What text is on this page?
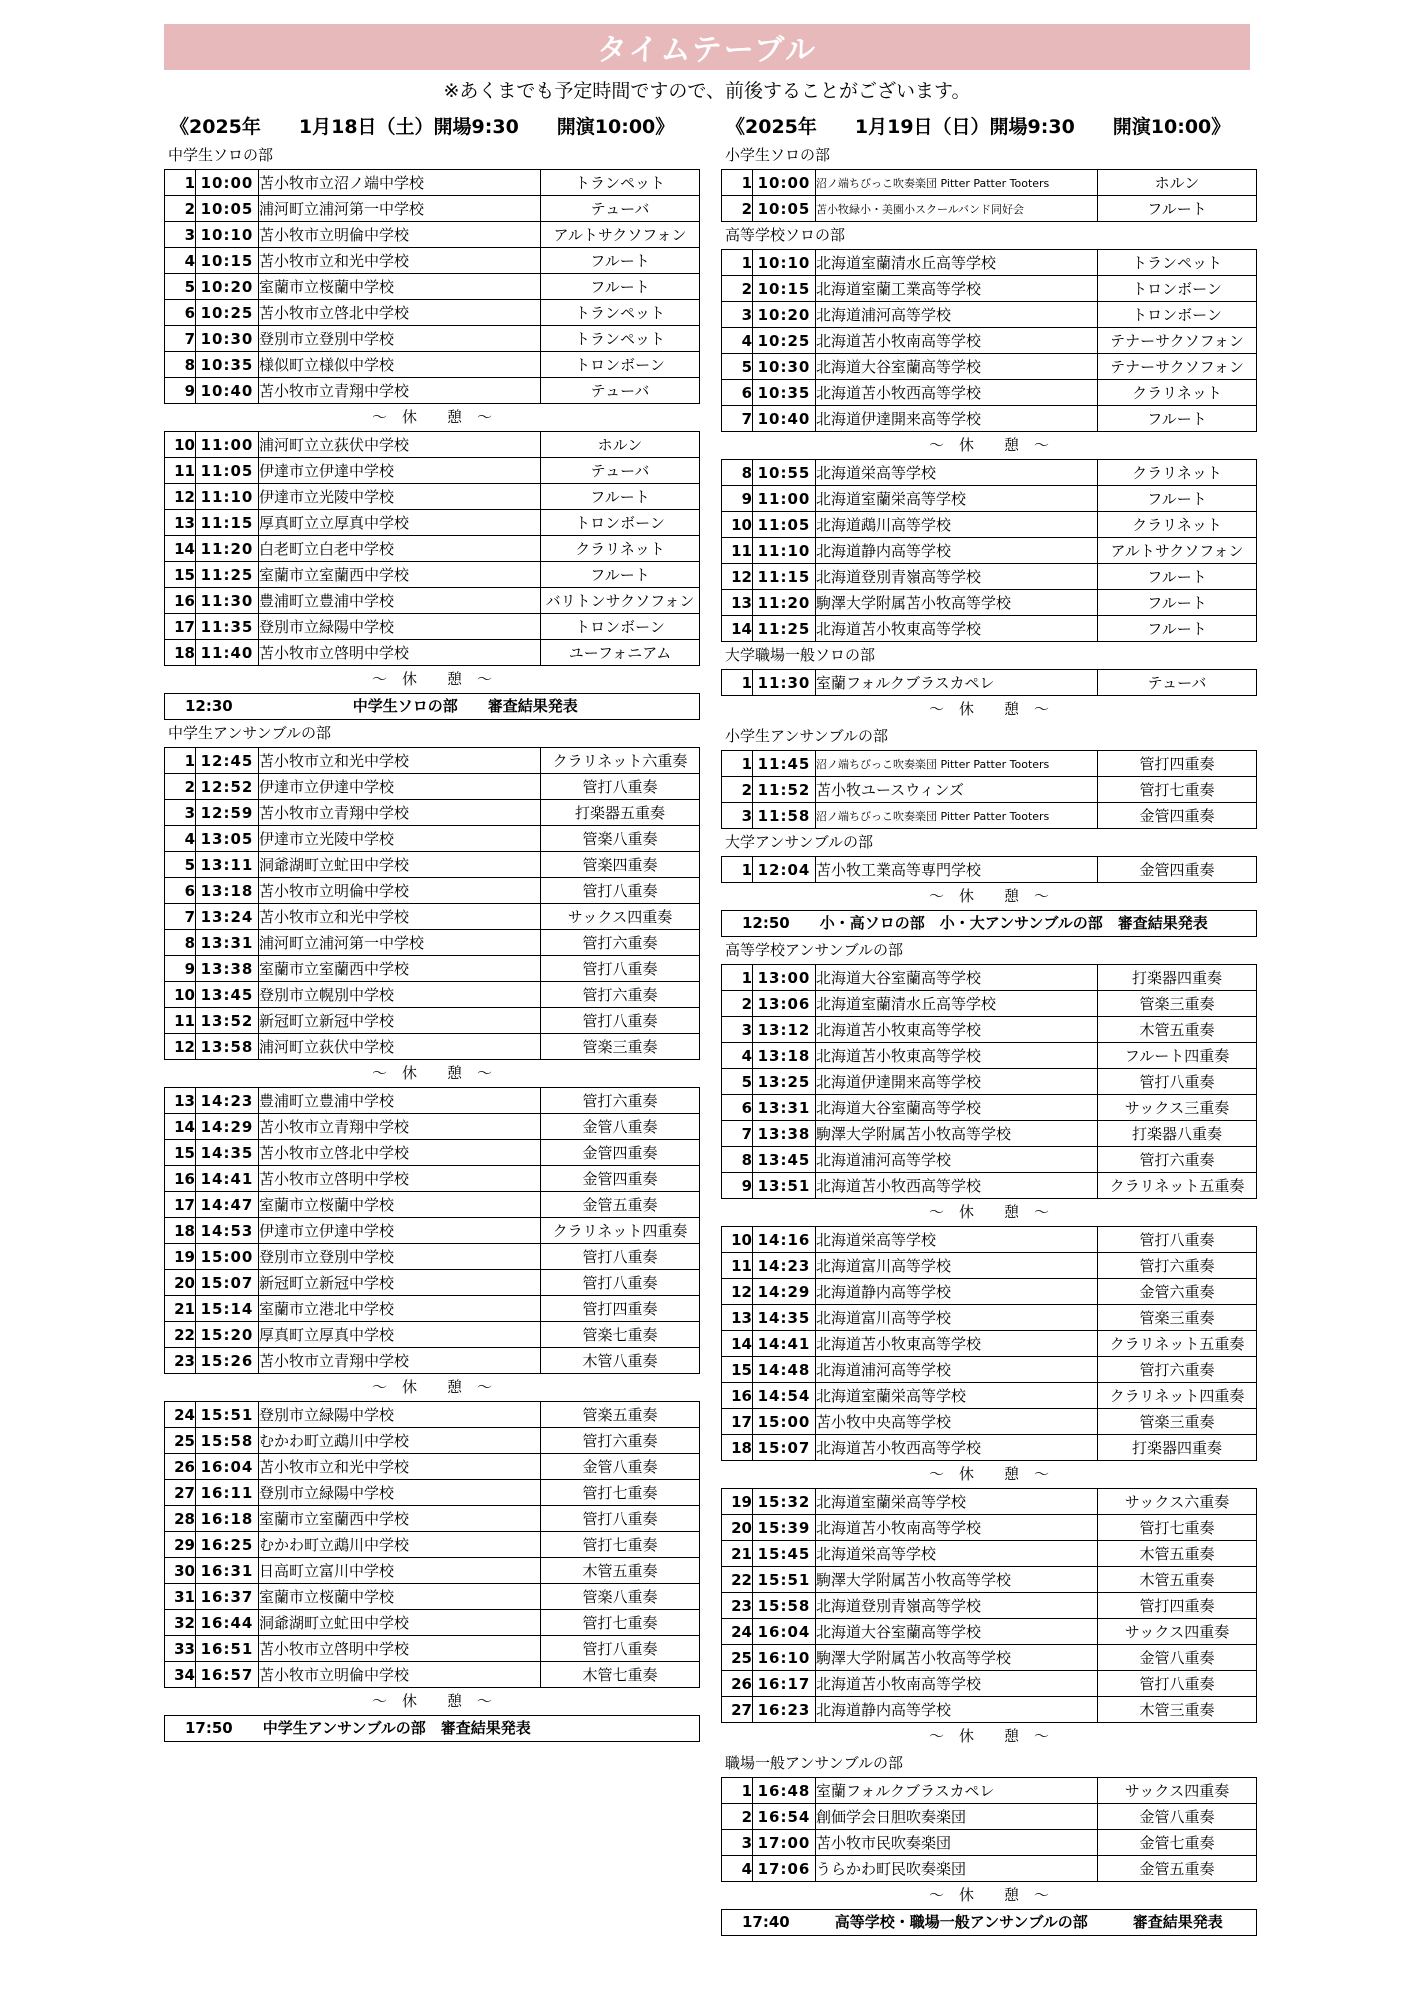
タイムテーブル
※あくまでも予定時間ですので、前後することがございます。
《2025年　　1月18日（土）開場9:30　　開演10:00》	《2025年　　1月19日（日）開場9:30　　開演10:00》
中学生ソロの部
1	10:00	苫小牧市立沼ノ端中学校	トランペット
2	10:05	浦河町立浦河第一中学校	テューバ
3	10:10	苫小牧市立明倫中学校	アルトサクソフォン
4	10:15	苫小牧市立和光中学校	フルート
5	10:20	室蘭市立桜蘭中学校	フルート
6	10:25	苫小牧市立啓北中学校	トランペット
7	10:30	登別市立登別中学校	トランペット
8	10:35	様似町立様似中学校	トロンボーン
9	10:40	苫小牧市立青翔中学校	テューバ
～　休　　憩　～
10	11:00	浦河町立立荻伏中学校	ホルン
11	11:05	伊達市立伊達中学校	テューバ
12	11:10	伊達市立光陵中学校	フルート
13	11:15	厚真町立立厚真中学校	トロンボーン
14	11:20	白老町立白老中学校	クラリネット
15	11:25	室蘭市立室蘭西中学校	フルート
16	11:30	豊浦町立豊浦中学校	バリトンサクソフォン
17	11:35	登別市立緑陽中学校	トロンボーン
18	11:40	苫小牧市立啓明中学校	ユーフォニアム
～　休　　憩　～
12:30　　　　　　　　中学生ソロの部　　審査結果発表
中学生アンサンブルの部
1	12:45	苫小牧市立和光中学校	クラリネット六重奏
2	12:52	伊達市立伊達中学校	管打八重奏
3	12:59	苫小牧市立青翔中学校	打楽器五重奏
4	13:05	伊達市立光陵中学校	管楽八重奏
5	13:11	洞爺湖町立虻田中学校	管楽四重奏
6	13:18	苫小牧市立明倫中学校	管打八重奏
7	13:24	苫小牧市立和光中学校	サックス四重奏
8	13:31	浦河町立浦河第一中学校	管打六重奏
9	13:38	室蘭市立室蘭西中学校	管打八重奏
10	13:45	登別市立幌別中学校	管打六重奏
11	13:52	新冠町立新冠中学校	管打八重奏
12	13:58	浦河町立荻伏中学校	管楽三重奏
～　休　　憩　～
13	14:23	豊浦町立豊浦中学校	管打六重奏
14	14:29	苫小牧市立青翔中学校	金管八重奏
15	14:35	苫小牧市立啓北中学校	金管四重奏
16	14:41	苫小牧市立啓明中学校	金管四重奏
17	14:47	室蘭市立桜蘭中学校	金管五重奏
18	14:53	伊達市立伊達中学校	クラリネット四重奏
19	15:00	登別市立登別中学校	管打八重奏
20	15:07	新冠町立新冠中学校	管打八重奏
21	15:14	室蘭市立港北中学校	管打四重奏
22	15:20	厚真町立厚真中学校	管楽七重奏
23	15:26	苫小牧市立青翔中学校	木管八重奏
～　休　　憩　～
24	15:51	登別市立緑陽中学校	管楽五重奏
25	15:58	むかわ町立鵡川中学校	管打六重奏
26	16:04	苫小牧市立和光中学校	金管八重奏
27	16:11	登別市立緑陽中学校	管打七重奏
28	16:18	室蘭市立室蘭西中学校	管打八重奏
29	16:25	むかわ町立鵡川中学校	管打七重奏
30	16:31	日高町立富川中学校	木管五重奏
31	16:37	室蘭市立桜蘭中学校	管楽八重奏
32	16:44	洞爺湖町立虻田中学校	管打七重奏
33	16:51	苫小牧市立啓明中学校	管打八重奏
34	16:57	苫小牧市立明倫中学校	木管七重奏
～　休　　憩　～
17:50　　中学生アンサンブルの部　審査結果発表
小学生ソロの部
1	10:00	沼ノ端ちびっこ吹奏楽団 Pitter Patter Tooters	ホルン
2	10:05	苫小牧緑小・美園小スクールバンド同好会	フルート
高等学校ソロの部
1	10:10	北海道室蘭清水丘高等学校	トランペット
2	10:15	北海道室蘭工業高等学校	トロンボーン
3	10:20	北海道浦河高等学校	トロンボーン
4	10:25	北海道苫小牧南高等学校	テナーサクソフォン
5	10:30	北海道大谷室蘭高等学校	テナーサクソフォン
6	10:35	北海道苫小牧西高等学校	クラリネット
7	10:40	北海道伊達開来高等学校	フルート
～　休　　憩　～
8	10:55	北海道栄高等学校	クラリネット
9	11:00	北海道室蘭栄高等学校	フルート
10	11:05	北海道鵡川高等学校	クラリネット
11	11:10	北海道静内高等学校	アルトサクソフォン
12	11:15	北海道登別青嶺高等学校	フルート
13	11:20	駒澤大学附属苫小牧高等学校	フルート
14	11:25	北海道苫小牧東高等学校	フルート
大学職場一般ソロの部
1	11:30	室蘭フォルクブラスカペレ	テューバ
～　休　　憩　～
小学生アンサンブルの部
1	11:45	沼ノ端ちびっこ吹奏楽団 Pitter Patter Tooters	管打四重奏
2	11:52	苫小牧ユースウィンズ	管打七重奏
3	11:58	沼ノ端ちびっこ吹奏楽団 Pitter Patter Tooters	金管四重奏
大学アンサンブルの部
1	12:04	苫小牧工業高等専門学校	金管四重奏
～　休　　憩　～
12:50　　小・高ソロの部　小・大アンサンブルの部　審査結果発表
高等学校アンサンブルの部
1	13:00	北海道大谷室蘭高等学校	打楽器四重奏
2	13:06	北海道室蘭清水丘高等学校	管楽三重奏
3	13:12	北海道苫小牧東高等学校	木管五重奏
4	13:18	北海道苫小牧東高等学校	フルート四重奏
5	13:25	北海道伊達開来高等学校	管打八重奏
6	13:31	北海道大谷室蘭高等学校	サックス三重奏
7	13:38	駒澤大学附属苫小牧高等学校	打楽器八重奏
8	13:45	北海道浦河高等学校	管打六重奏
9	13:51	北海道苫小牧西高等学校	クラリネット五重奏
～　休　　憩　～
10	14:16	北海道栄高等学校	管打八重奏
11	14:23	北海道富川高等学校	管打六重奏
12	14:29	北海道静内高等学校	金管六重奏
13	14:35	北海道富川高等学校	管楽三重奏
14	14:41	北海道苫小牧東高等学校	クラリネット五重奏
15	14:48	北海道浦河高等学校	管打六重奏
16	14:54	北海道室蘭栄高等学校	クラリネット四重奏
17	15:00	苫小牧中央高等学校	管楽三重奏
18	15:07	北海道苫小牧西高等学校	打楽器四重奏
～　休　　憩　～
19	15:32	北海道室蘭栄高等学校	サックス六重奏
20	15:39	北海道苫小牧南高等学校	管打七重奏
21	15:45	北海道栄高等学校	木管五重奏
22	15:51	駒澤大学附属苫小牧高等学校	木管五重奏
23	15:58	北海道登別青嶺高等学校	管打四重奏
24	16:04	北海道大谷室蘭高等学校	サックス四重奏
25	16:10	駒澤大学附属苫小牧高等学校	金管八重奏
26	16:17	北海道苫小牧南高等学校	管打八重奏
27	16:23	北海道静内高等学校	木管三重奏
～　休　　憩　～
職場一般アンサンブルの部
1	16:48	室蘭フォルクブラスカペレ	サックス四重奏
2	16:54	創価学会日胆吹奏楽団	金管八重奏
3	17:00	苫小牧市民吹奏楽団	金管七重奏
4	17:06	うらかわ町民吹奏楽団	金管五重奏
～　休　　憩　～
17:40　　　高等学校・職場一般アンサンブルの部　　　審査結果発表
